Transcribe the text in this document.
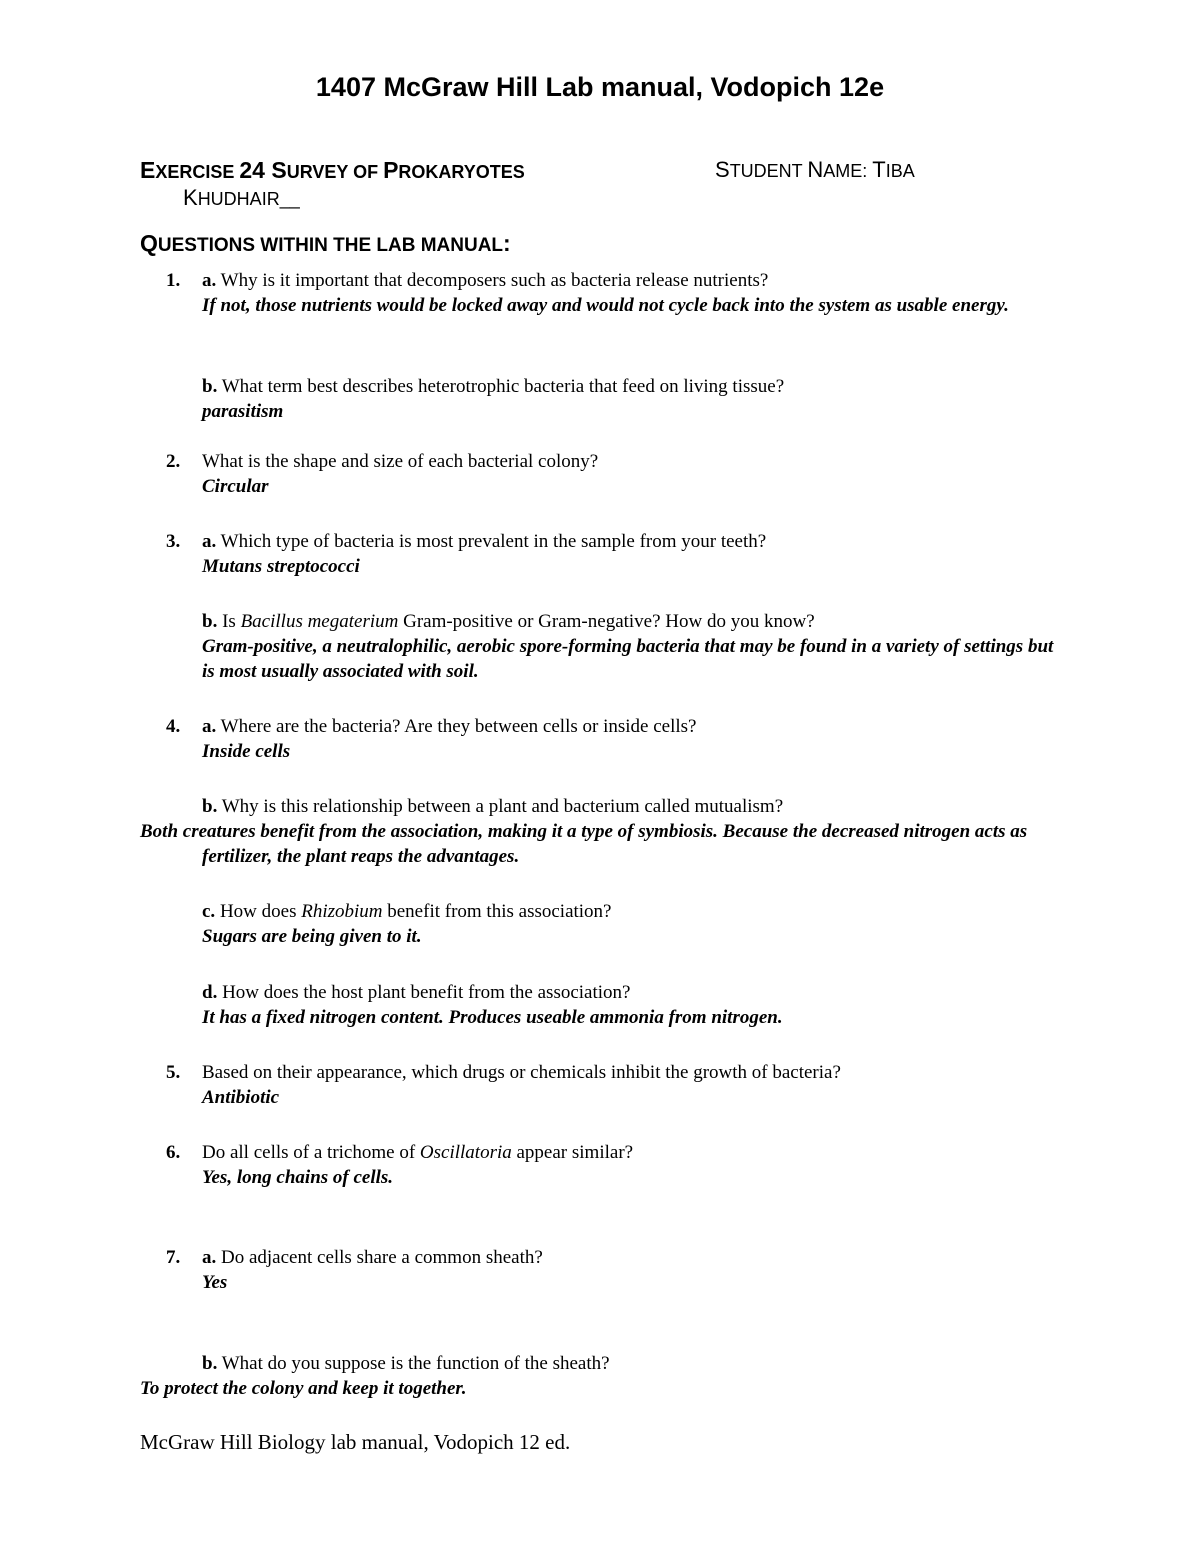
1407 McGraw Hill Lab manual, Vodopich 12e
EXERCISE 24 SURVEY OF PROKARYOTES	STUDENT NAME: TIBA
KHUDHAIR__
QUESTIONS WITHIN THE LAB MANUAL:
1. a. Why is it important that decomposers such as bacteria release nutrients?
If not, those nutrients would be locked away and would not cycle back into the system as usable energy.
b. What term best describes heterotrophic bacteria that feed on living tissue?
parasitism
2. What is the shape and size of each bacterial colony?
Circular
3. a. Which type of bacteria is most prevalent in the sample from your teeth?
Mutans streptococci
b. Is Bacillus megaterium Gram-positive or Gram-negative? How do you know?
Gram-positive, a neutralophilic, aerobic spore-forming bacteria that may be found in a variety of settings but is most usually associated with soil.
4. a. Where are the bacteria? Are they between cells or inside cells?
Inside cells
b. Why is this relationship between a plant and bacterium called mutualism?
Both creatures benefit from the association, making it a type of symbiosis. Because the decreased nitrogen acts as fertilizer, the plant reaps the advantages.
c. How does Rhizobium benefit from this association?
Sugars are being given to it.
d. How does the host plant benefit from the association?
It has a fixed nitrogen content. Produces useable ammonia from nitrogen.
5. Based on their appearance, which drugs or chemicals inhibit the growth of bacteria?
Antibiotic
6. Do all cells of a trichome of Oscillatoria appear similar?
Yes, long chains of cells.
7. a. Do adjacent cells share a common sheath?
Yes
b. What do you suppose is the function of the sheath?
To protect the colony and keep it together.
McGraw Hill Biology lab manual, Vodopich 12 ed.
